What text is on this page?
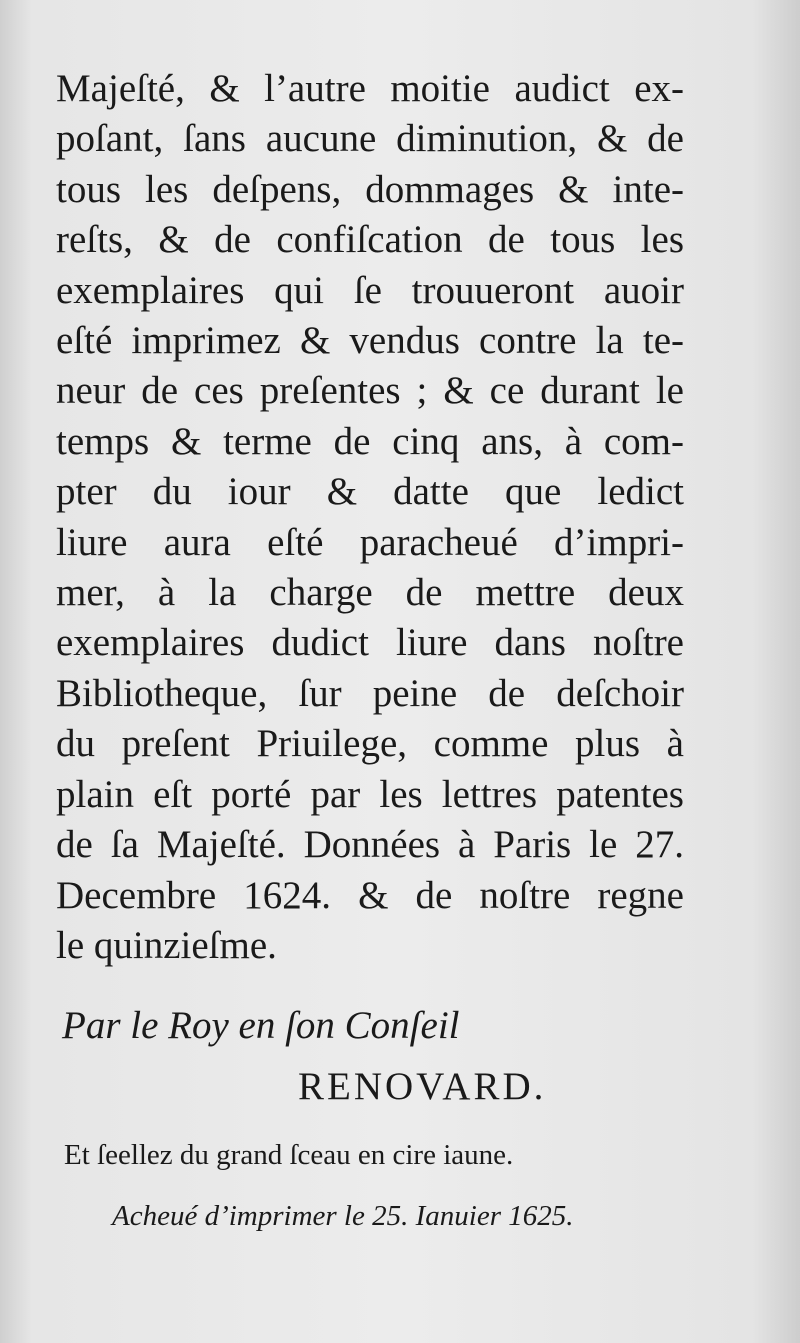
Majeſté, & l’autre moitie audict ex-
poſant, ſans aucune diminution, & de
tous les deſpens, dommages & inte-
reſts, & de confiſcation de tous les
exemplaires qui ſe trouueront auoir
eſté imprimez & vendus contre la te-
neur de ces preſentes ; & ce durant le
temps & terme de cinq ans, à com-
pter du iour & datte que ledict
liure aura eſté paracheué d’impri-
mer, à la charge de mettre deux
exemplaires dudict liure dans noſtre
Bibliotheque, ſur peine de deſchoir
du preſent Priuilege, comme plus à
plain eſt porté par les lettres patentes
de ſa Majeſté. Données à Paris le 27.
Decembre 1624. & de noſtre regne
le quinzieſme.

Par le Roy en ſon Conſeil

RENOVARD.

Et ſeellez du grand ſceau en cire iaune.

Acheué d’imprimer le 25. Ianuier 1625.
